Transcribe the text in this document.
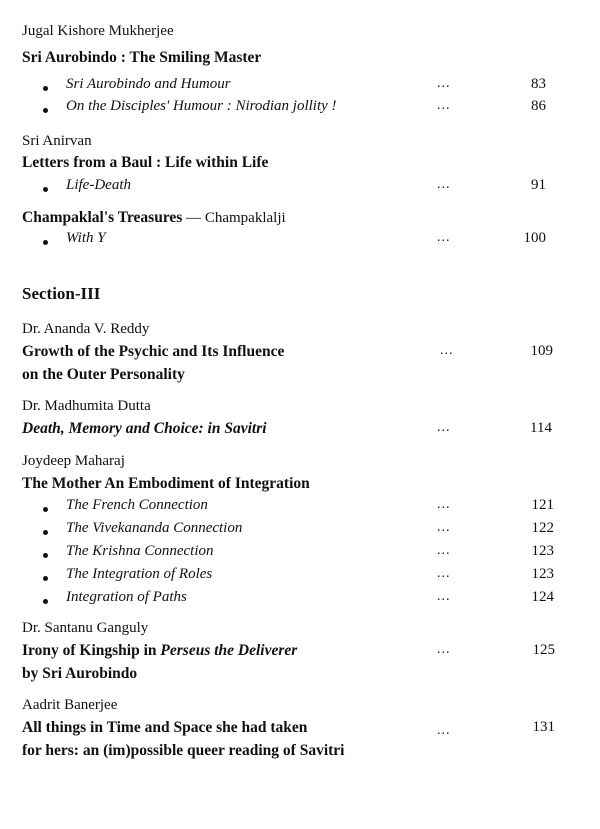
Jugal Kishore Mukherjee
Sri Aurobindo : The Smiling Master
Sri Aurobindo and Humour	...	83
On the Disciples' Humour : Nirodian jollity !	...	86
Sri Anirvan
Letters from a Baul : Life within Life
Life-Death	...	91
Champaklal's Treasures — Champaklalji
With Y	...	100
Section-III
Dr. Ananda V. Reddy
Growth of the Psychic and Its Influence
on the Outer Personality
...	109
Dr. Madhumita Dutta
Death, Memory and Choice: in Savitri	...	114
Joydeep Maharaj
The Mother An Embodiment of Integration
The French Connection	...	121
The Vivekananda Connection	...	122
The Krishna Connection	...	123
The Integration of Roles	...	123
Integration of Paths	...	124
Dr. Santanu Ganguly
Irony of Kingship in Perseus the Deliverer
by Sri Aurobindo
...	125
Aadrit Banerjee
All things in Time and Space she had taken
for hers: an (im)possible queer reading of Savitri
...	131
